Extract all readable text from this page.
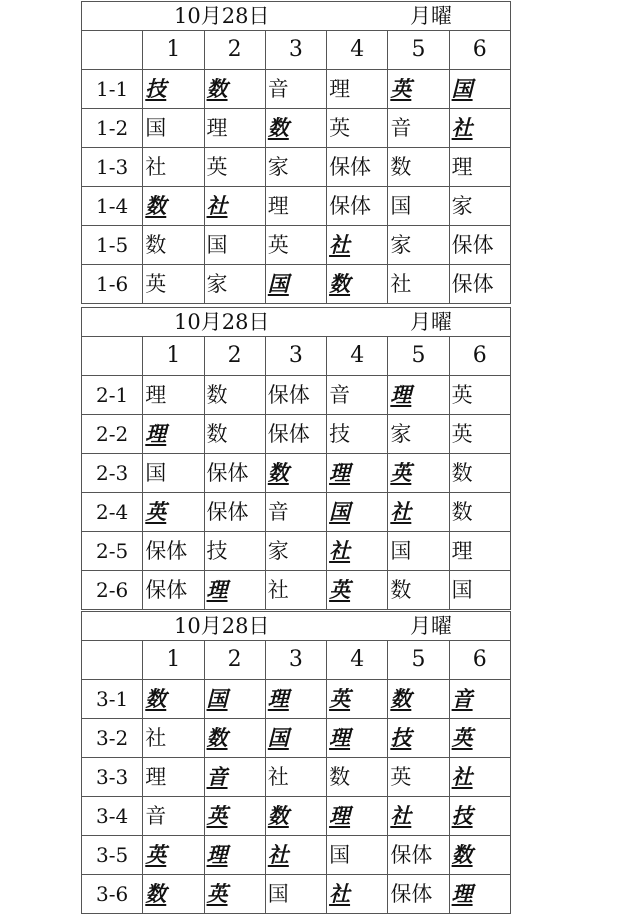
10月28日 月曜						

	1	2	3	4	5	6
1-1	技	数	音	理	英	国
1-2	国	理	数	英	音	社
1-3	社	英	家	保体	数	理
1-4	数	社	理	保体	国	家
1-5	数	国	英	社	家	保体
1-6	英	家	国	数	社	保体
10月28日 月曜						

	1	2	3	4	5	6
2-1	理	数	保体	音	理	英
2-2	理	数	保体	技	家	英
2-3	国	保体	数	理	英	数
2-4	英	保体	音	国	社	数
2-5	保体	技	家	社	国	理
2-6	保体	理	社	英	数	国
10月28日 月曜						

	1	2	3	4	5	6
3-1	数	国	理	英	数	音
3-2	社	数	国	理	技	英
3-3	理	音	社	数	英	社
3-4	音	英	数	理	社	技
3-5	英	理	社	国	保体	数
3-6	数	英	国	社	保体	理
